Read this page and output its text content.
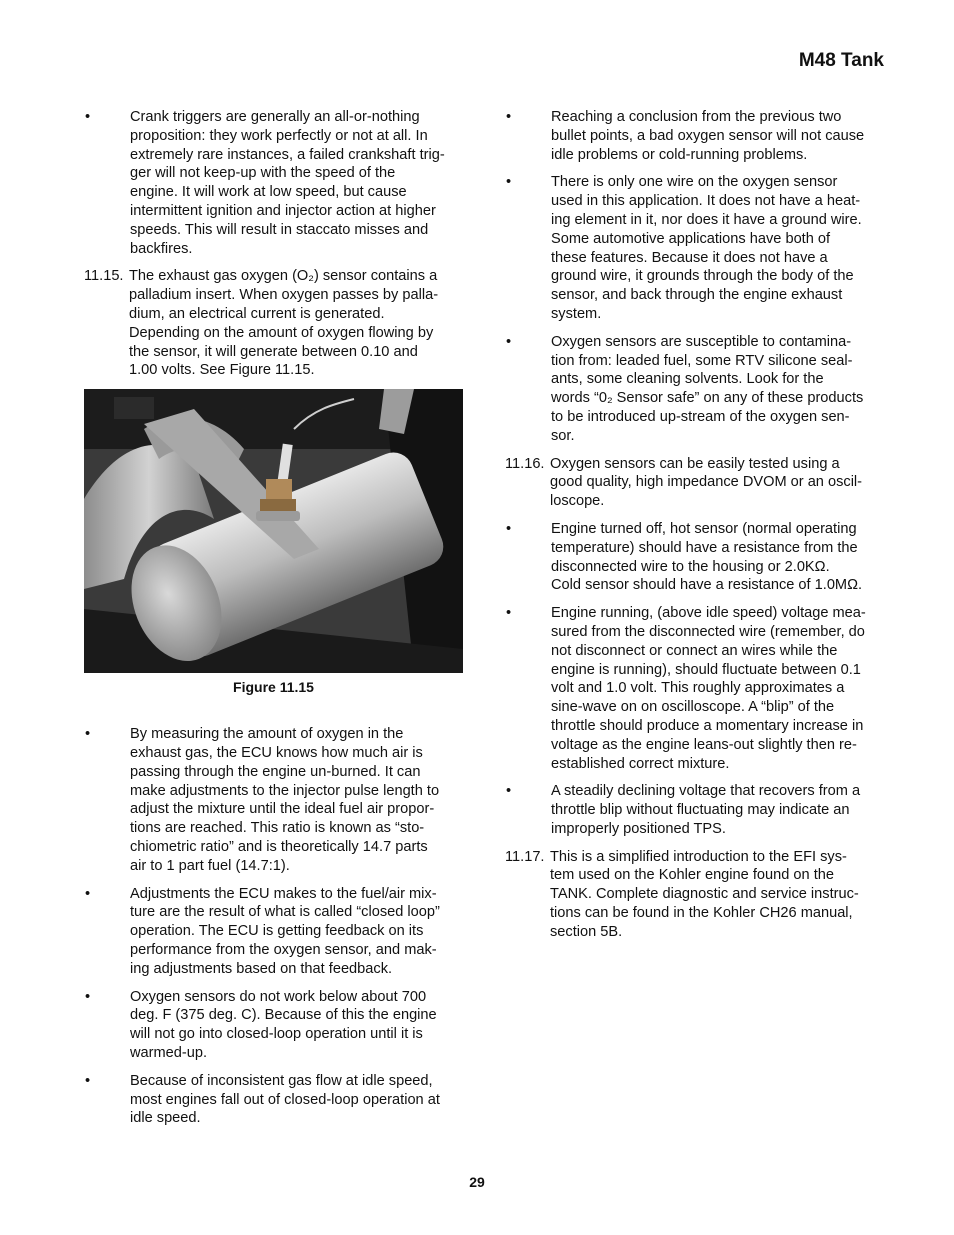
M48 Tank
•	Crank triggers are generally an all-or-nothing
proposition: they work perfectly or not at all. In
extremely rare instances, a failed crankshaft trig-
ger will not keep-up with the speed of the
engine. It will work at low speed, but cause
intermittent ignition and injector action at higher
speeds. This will result in staccato misses and
backfires.
11.15. The exhaust gas oxygen (O₂) sensor contains a
palladium insert. When oxygen passes by palla-
dium, an electrical current is generated.
Depending on the amount of oxygen flowing by
the sensor, it will generate between 0.10 and
1.00 volts. See Figure 11.15.
Figure 11.15
•	By measuring the amount of oxygen in the
exhaust gas, the ECU knows how much air is
passing through the engine un-burned. It can
make adjustments to the injector pulse length to
adjust the mixture until the ideal fuel air propor-
tions are reached. This ratio is known as “sto-
chiometric ratio” and is theoretically 14.7 parts
air to 1 part fuel (14.7:1).
•	Adjustments the ECU makes to the fuel/air mix-
ture are the result of what is called “closed loop”
operation. The ECU is getting feedback on its
performance from the oxygen sensor, and mak-
ing adjustments based on that feedback.
•	Oxygen sensors do not work below about 700
deg. F (375 deg. C). Because of this the engine
will not go into closed-loop operation until it is
warmed-up.
•	Because of inconsistent gas flow at idle speed,
most engines fall out of closed-loop operation at
idle speed.
•	Reaching a conclusion from the previous two
bullet points, a bad oxygen sensor will not cause
idle problems or cold-running problems.
•	There is only one wire on the oxygen sensor
used in this application. It does not have a heat-
ing element in it, nor does it have a ground wire.
Some automotive applications have both of
these features. Because it does not have a
ground wire, it grounds through the body of the
sensor, and back through the engine exhaust
system.
•	Oxygen sensors are susceptible to contamina-
tion from: leaded fuel, some RTV silicone seal-
ants, some cleaning solvents. Look for the
words “0₂ Sensor safe” on any of these products
to be introduced up-stream of the oxygen sen-
sor.
11.16. Oxygen sensors can be easily tested using a
good quality, high impedance DVOM or an oscil-
loscope.
•	Engine turned off, hot sensor (normal operating
temperature) should have a resistance from the
disconnected wire to the housing or 2.0KΩ.
Cold sensor should have a resistance of 1.0MΩ.
•	Engine running, (above idle speed) voltage mea-
sured from the disconnected wire (remember, do
not disconnect or connect an wires while the
engine is running), should fluctuate between 0.1
volt and 1.0 volt. This roughly approximates a
sine-wave on on oscilloscope. A “blip” of the
throttle should produce a momentary increase in
voltage as the engine leans-out slightly then re-
established correct mixture.
•	A steadily declining voltage that recovers from a
throttle blip without fluctuating may indicate an
improperly positioned TPS.
11.17. This is a simplified introduction to the EFI sys-
tem used on the Kohler engine found on the
TANK. Complete diagnostic and service instruc-
tions can be found in the Kohler CH26 manual,
section 5B.
29
